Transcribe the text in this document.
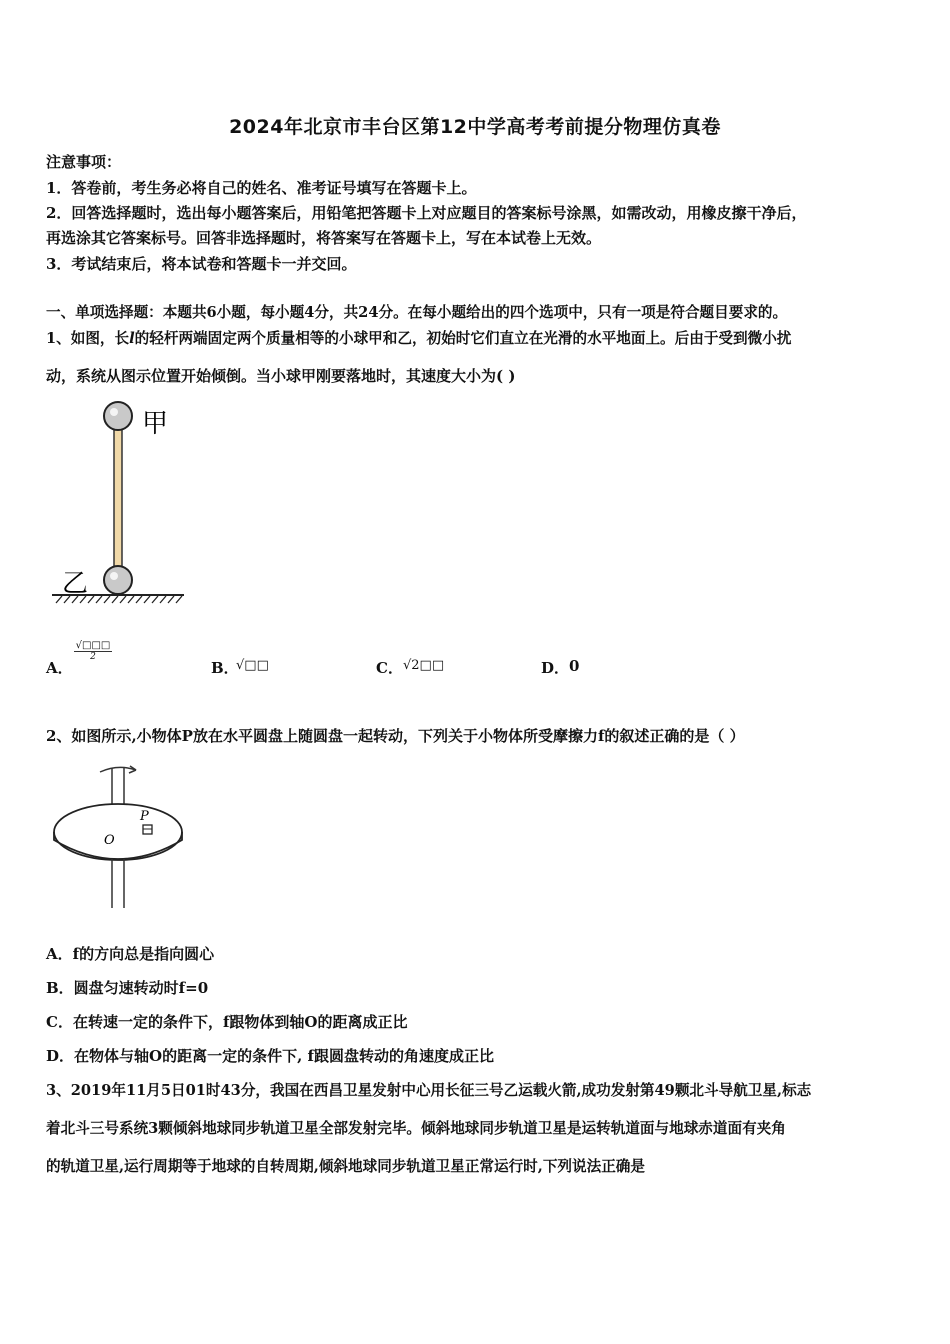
2024年北京市丰台区第12中学高考考前提分物理仿真卷
注意事项：
1．答卷前，考生务必将自己的姓名、准考证号填写在答题卡上。
2．回答选择题时，选出每小题答案后，用铅笔把答题卡上对应题目的答案标号涂黑，如需改动，用橡皮擦干净后，
再选涂其它答案标号。回答非选择题时，将答案写在答题卡上，写在本试卷上无效。
3．考试结束后，将本试卷和答题卡一并交回。
一、单项选择题：本题共6小题，每小题4分，共24分。在每小题给出的四个选项中，只有一项是符合题目要求的。
1、如图，长l的轻杆两端固定两个质量相等的小球甲和乙，初始时它们直立在光滑的水平地面上。后由于受到微小扰
动，系统从图示位置开始倾倒。当小球甲刚要落地时，其速度大小为( )
甲
乙
A．
√□□□
2
B．
√□□	C． √2□□	D． 0
2、如图所示,小物体P放在水平圆盘上随圆盘一起转动，下列关于小物体所受摩擦力f的叙述正确的是（ ）
P
O
A．f的方向总是指向圆心
B．圆盘匀速转动时f=0
C．在转速一定的条件下，f跟物体到轴O的距离成正比
D．在物体与轴O的距离一定的条件下, f跟圆盘转动的角速度成正比
3、2019年11月5日01时43分，我国在西昌卫星发射中心用长征三号乙运载火箭,成功发射第49颗北斗导航卫星,标志
着北斗三号系统3颗倾斜地球同步轨道卫星全部发射完毕。倾斜地球同步轨道卫星是运转轨道面与地球赤道面有夹角
的轨道卫星,运行周期等于地球的自转周期,倾斜地球同步轨道卫星正常运行时,下列说法正确是
